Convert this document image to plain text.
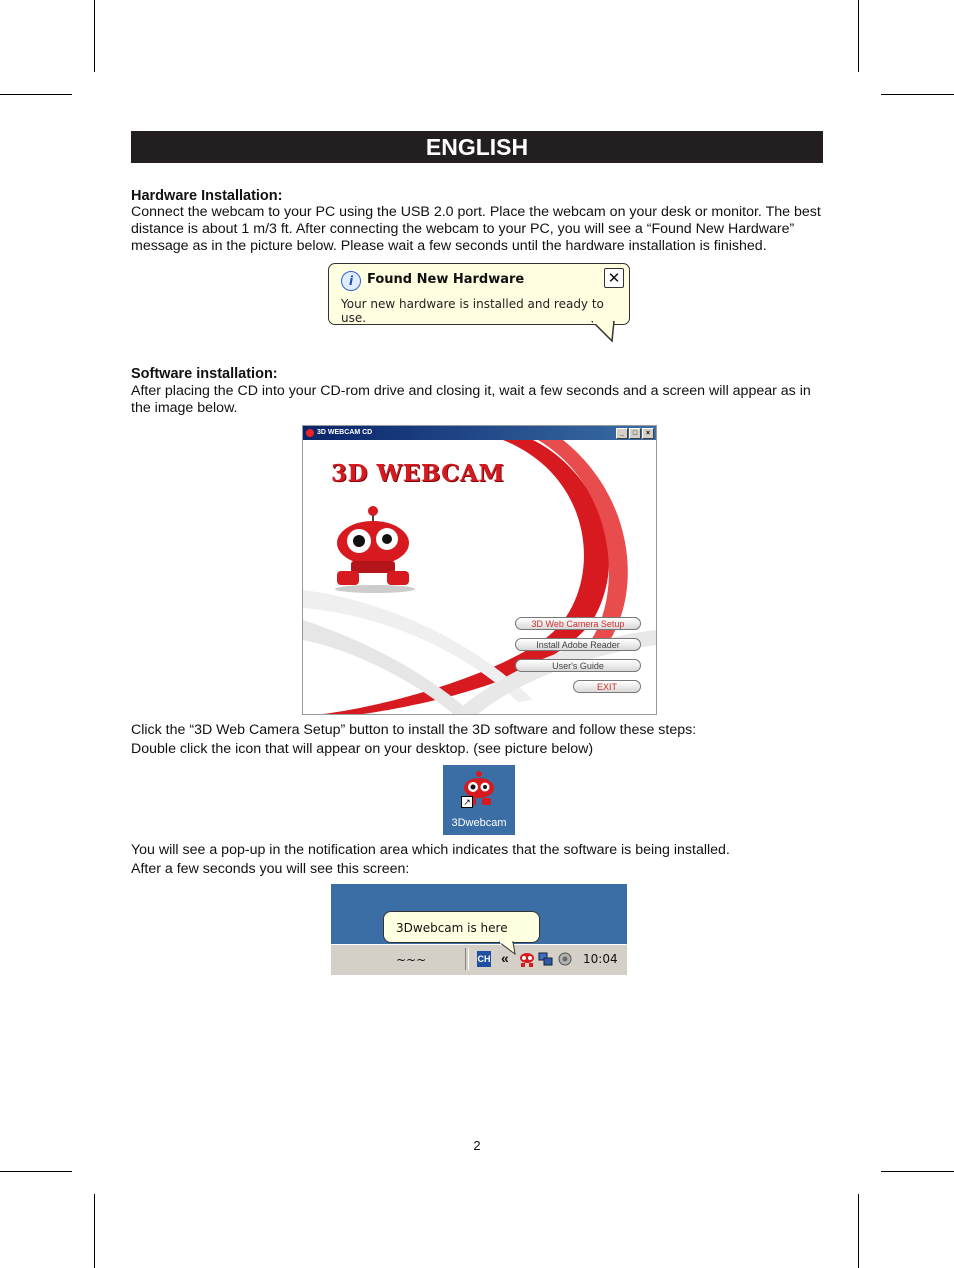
ENGLISH
Hardware Installation:
Connect the webcam to your PC using the USB 2.0 port. Place the webcam on your desk or monitor. The best
distance is about 1 m/3 ft. After connecting the webcam to your PC, you will see a “Found New Hardware”
message as in the picture below. Please wait a few seconds until the hardware installation is finished.
i	Found New Hardware
Your new hardware is installed and ready to use.
✕
Software installation:
After placing the CD into your CD-rom drive and closing it, wait a few seconds and a screen will appear as in
the image below.
3D WEBCAM CD	_	□	×
3D WEBCAM
3D Web Camera Setup
Install Adobe Reader
User's Guide
EXIT
Click the “3D Web Camera Setup” button to install the 3D software and follow these steps:
Double click the icon that will appear on your desktop. (see picture below)
↗
3Dwebcam
You will see a pop-up in the notification area which indicates that the software is being installed.
After a few seconds you will see this screen:
3Dwebcam is here ~~~	CH «	10:04
2
